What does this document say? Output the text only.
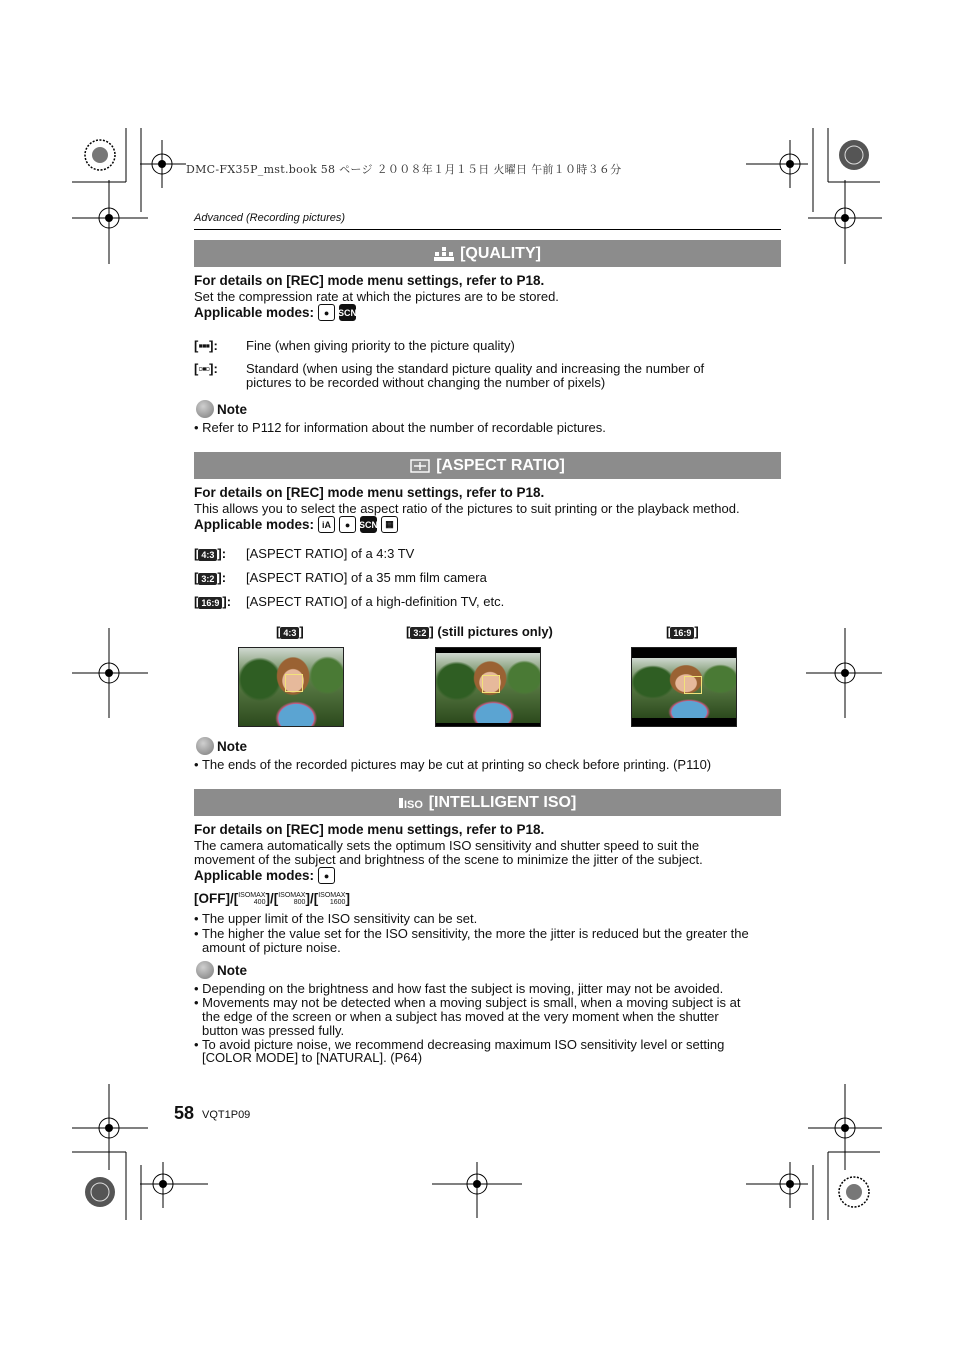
DMC-FX35P_mst.book 58 ページ ２００８年１月１５日 火曜日 午前１０時３６分
Advanced (Recording pictures)
[QUALITY]
For details on [REC] mode menu settings, refer to P18.
Set the compression rate at which the pictures are to be stored.
Applicable modes:	● SCN
[▪▪▪]: Fine (when giving priority to the picture quality)
[▫▪▫]: Standard (when using the standard picture quality and increasing the number of
pictures to be recorded without changing the number of pixels)
Note
• Refer to P112 for information about the number of recordable pictures.
[ASPECT RATIO]
For details on [REC] mode menu settings, refer to P18.
This allows you to select the aspect ratio of the pictures to suit printing or the playback method.
Applicable modes: iA	● SCN ▦
[ 4:3 ]: [ASPECT RATIO] of a 4:3 TV
[ 3:2 ]: [ASPECT RATIO] of a 35 mm film camera
[ 16:9 ]: [ASPECT RATIO] of a high-definition TV, etc.
[ 4:3 ]	[ 3:2 ] (still pictures only)	[ 16:9 ]
Note
• The ends of the recorded pictures may be cut at printing so check before printing. (P110)
ISO [INTELLIGENT ISO]
For details on [REC] mode menu settings, refer to P18.
The camera automatically sets the optimum ISO sensitivity and shutter speed to suit the
movement of the subject and brightness of the scene to minimize the jitter of the subject.
Applicable modes:	●
[OFF]/[ ISOMAX
400 ]/[ ISOMAX
800 ]/[ ISOMAX
1600 ]
• The upper limit of the ISO sensitivity can be set.
• The higher the value set for the ISO sensitivity, the more the jitter is reduced but the greater the
amount of picture noise.
Note
• Depending on the brightness and how fast the subject is moving, jitter may not be avoided.
• Movements may not be detected when a moving subject is small, when a moving subject is at
the edge of the screen or when a subject has moved at the very moment when the shutter
button was pressed fully.
• To avoid picture noise, we recommend decreasing maximum ISO sensitivity level or setting
[COLOR MODE] to [NATURAL]. (P64)
58 VQT1P09
